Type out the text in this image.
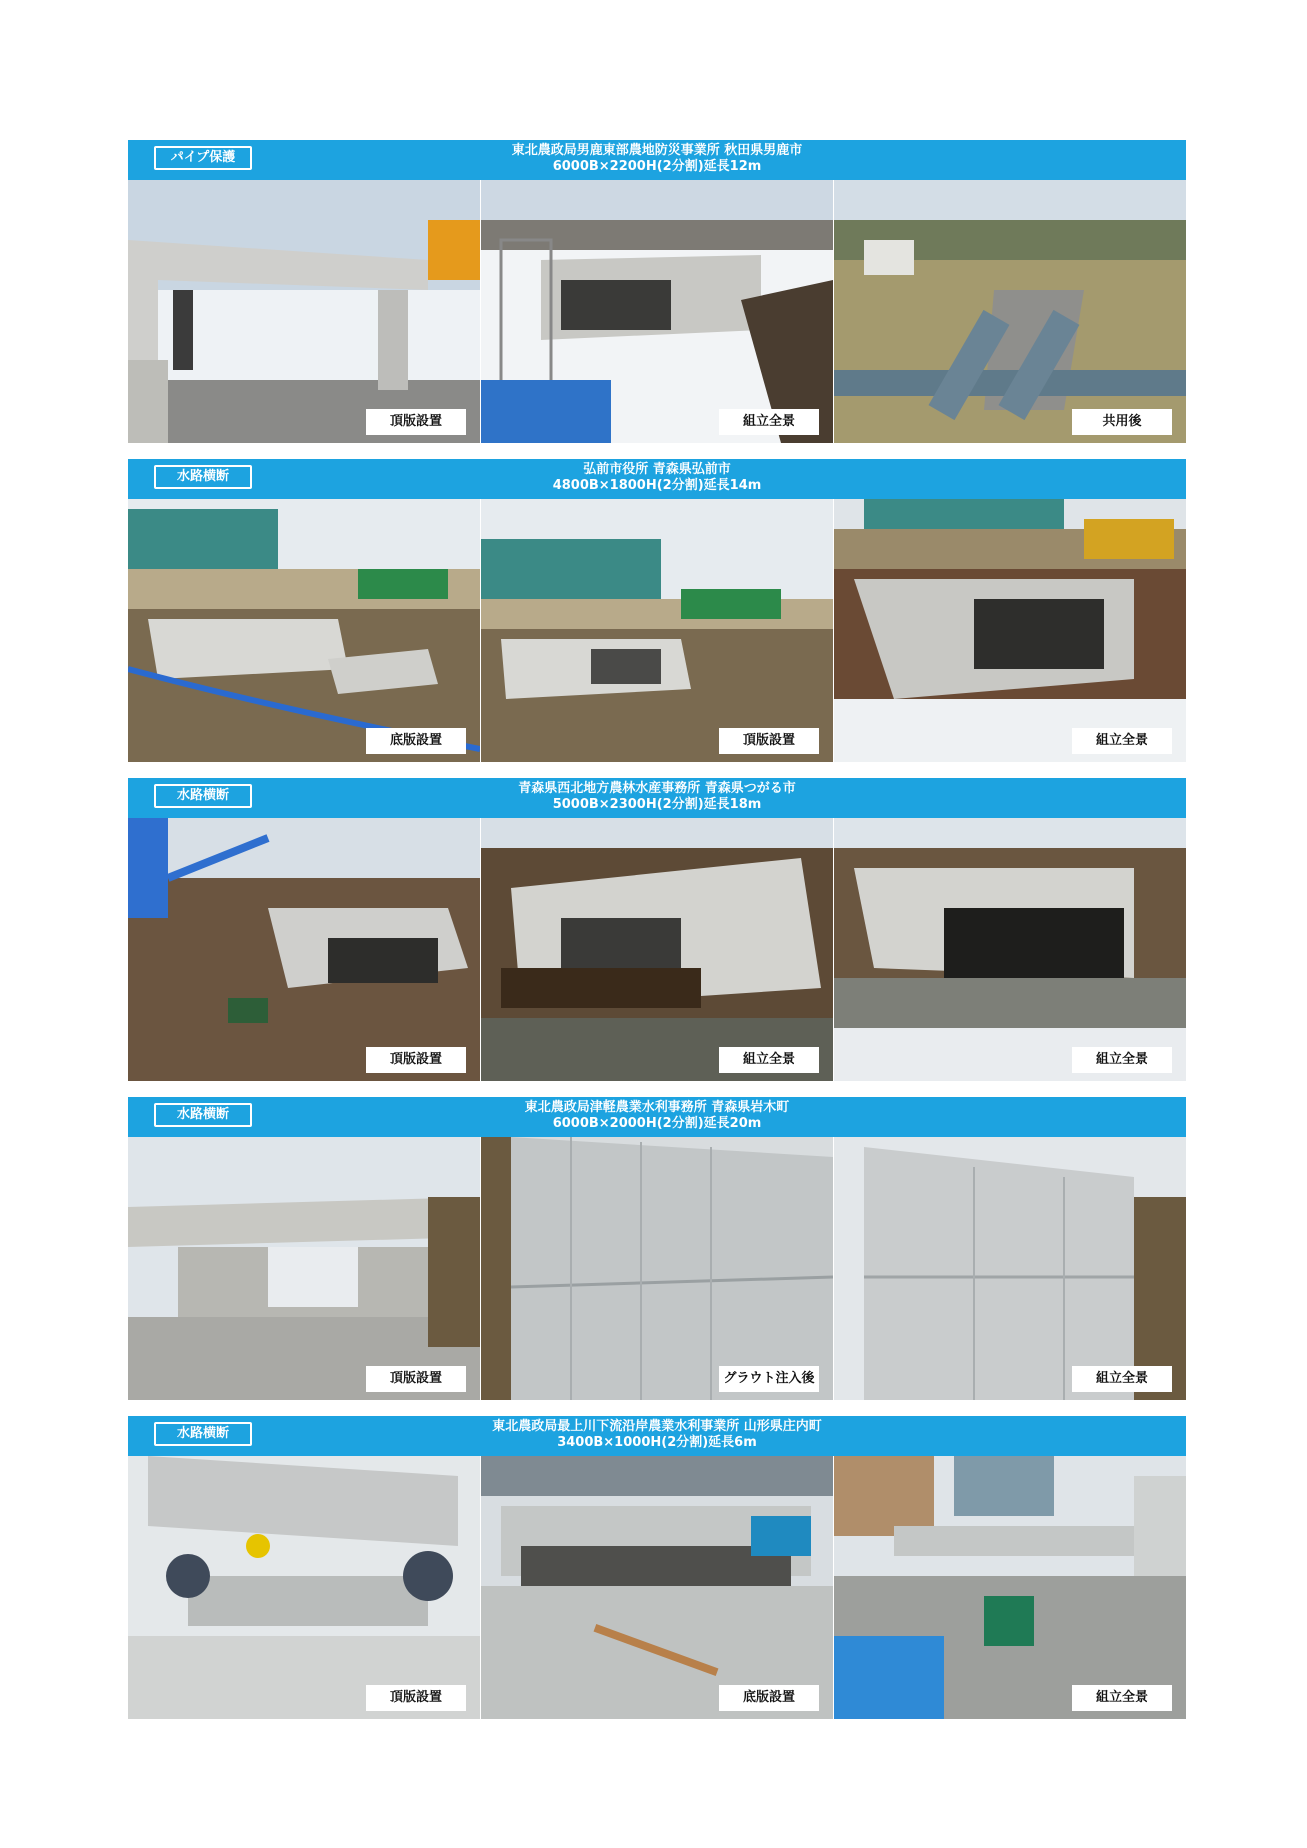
パイプ保護	東北農政局男鹿東部農地防災事業所 秋田県男鹿市
6000B×2200H(2分割)延長12m
頂版設置	組立全景	共用後
水路横断	弘前市役所 青森県弘前市
4800B×1800H(2分割)延長14m
底版設置	頂版設置	組立全景
水路横断	青森県西北地方農林水産事務所 青森県つがる市
5000B×2300H(2分割)延長18m
頂版設置	組立全景	組立全景
水路横断	東北農政局津軽農業水利事務所 青森県岩木町
6000B×2000H(2分割)延長20m
頂版設置	グラウト注入後	組立全景
水路横断	東北農政局最上川下流沿岸農業水利事業所 山形県庄内町
3400B×1000H(2分割)延長6m
頂版設置	底版設置	組立全景
